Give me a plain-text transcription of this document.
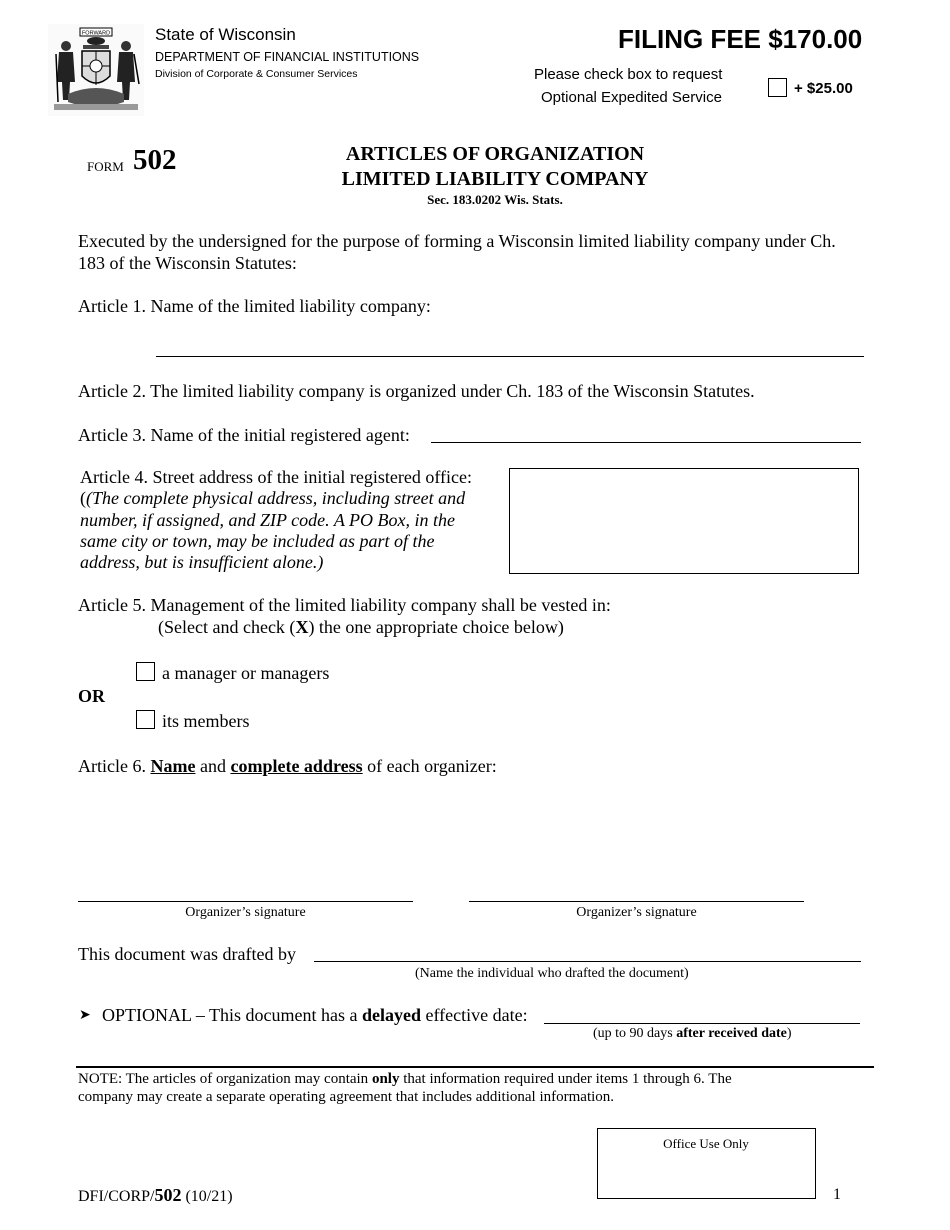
FORWARD	State of Wisconsin
DEPARTMENT OF FINANCIAL INSTITUTIONS
Division of Corporate & Consumer Services
FILING FEE $170.00
Please check box to request
Optional Expedited Service
+ $25.00
FORM 502	ARTICLES OF ORGANIZATION
LIMITED LIABILITY COMPANY
Sec. 183.0202 Wis. Stats.
Executed by the undersigned for the purpose of forming a Wisconsin limited liability company under Ch.
183 of the Wisconsin Statutes:
Article 1. Name of the limited liability company:
Article 2. The limited liability company is organized under Ch. 183 of the Wisconsin Statutes.
Article 3. Name of the initial registered agent:
Article 4. Street address of the initial registered office:
((The complete physical address, including street and
number, if assigned, and ZIP code. A PO Box, in the
same city or town, may be included as part of the
address, but is insufficient alone.)
Article 5. Management of the limited liability company shall be vested in:
(Select and check (X) the one appropriate choice below)
a manager or managers
OR
its members
Article 6. Name and complete address of each organizer:
Organizer’s signature	Organizer’s signature
This document was drafted by
(Name the individual who drafted the document)
➤ OPTIONAL – This document has a delayed effective date:
(up to 90 days after received date)
NOTE: The articles of organization may contain only that information required under items 1 through 6. The
company may create a separate operating agreement that includes additional information.
Office Use Only
DFI/CORP/502 (10/21)	1
